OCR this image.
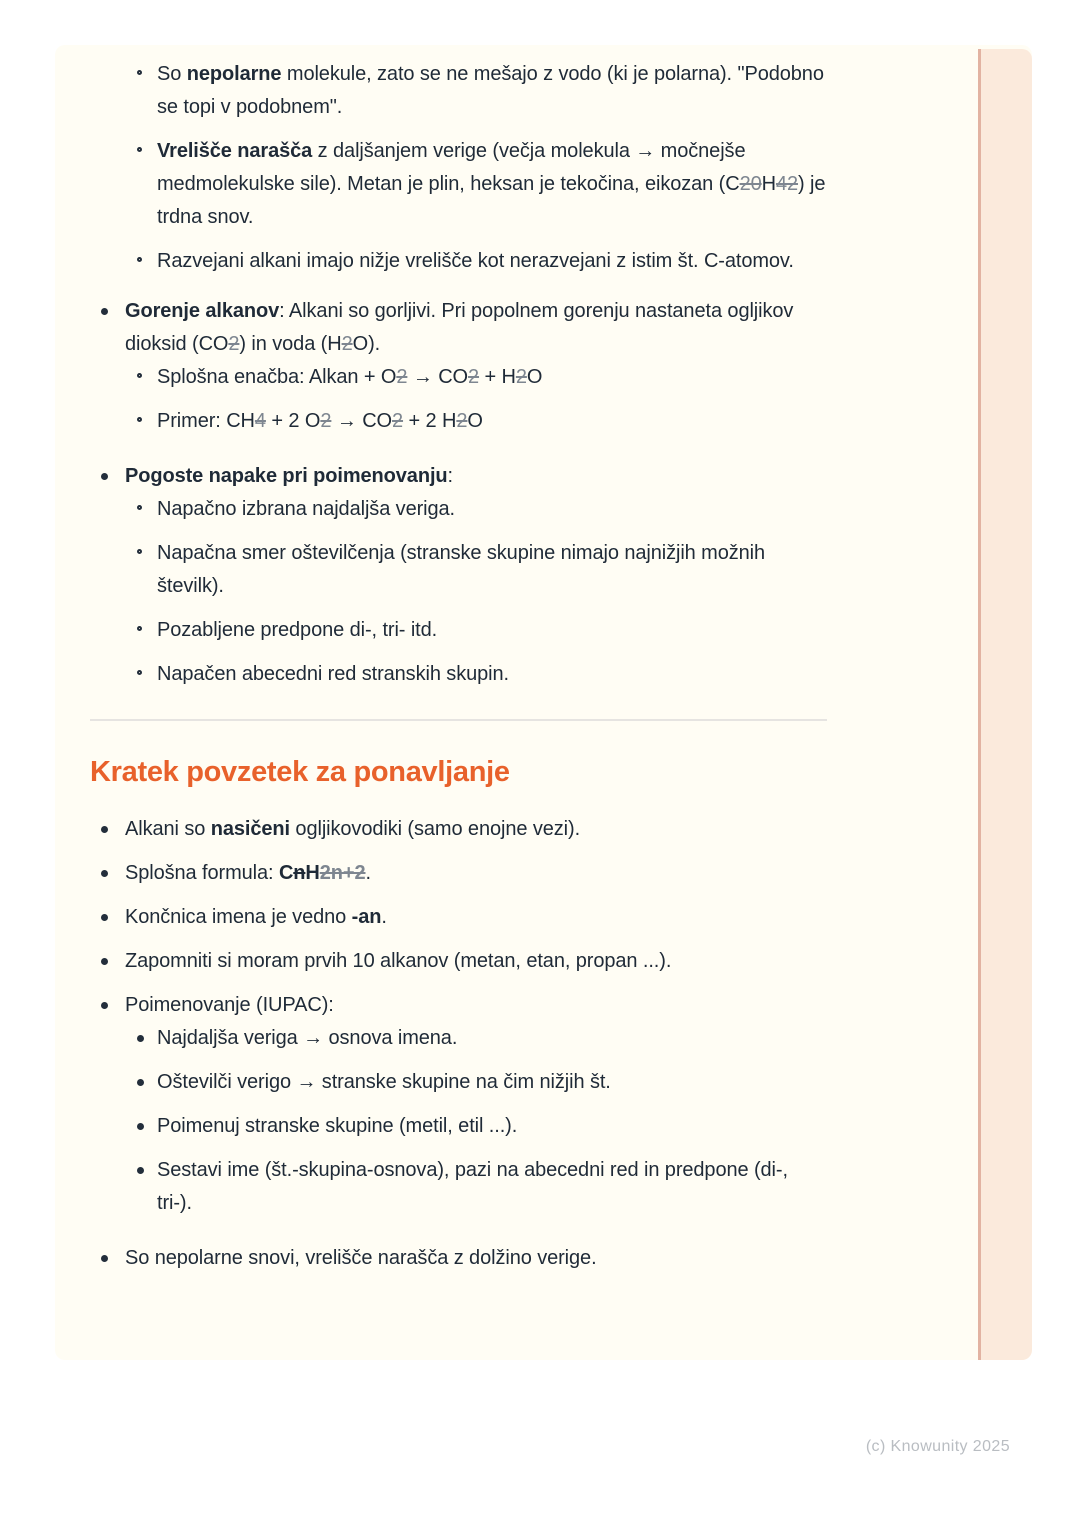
So nepolarne molekule, zato se ne mešajo z vodo (ki je polarna). "Podobno se topi v podobnem".
Vrelišče narašča z daljšanjem verige (večja molekula → močnejše medmolekulske sile). Metan je plin, heksan je tekočina, eikozan (C20H42) je trdna snov.
Razvejani alkani imajo nižje vrelišče kot nerazvejani z istim št. C-atomov.
Gorenje alkanov: Alkani so gorljivi. Pri popolnem gorenju nastaneta ogljikov dioksid (CO2) in voda (H2O).
Splošna enačba: Alkan + O2 → CO2 + H2O
Primer: CH4 + 2 O2 → CO2 + 2 H2O
Pogoste napake pri poimenovanju:
Napačno izbrana najdaljša veriga.
Napačna smer oštevilčenja (stranske skupine nimajo najnižjih možnih številk).
Pozabljene predpone di-, tri- itd.
Napačen abecedni red stranskih skupin.
Kratek povzetek za ponavljanje
Alkani so nasičeni ogljikovodiki (samo enojne vezi).
Splošna formula: CnH2n+2.
Končnica imena je vedno -an.
Zapomniti si moram prvih 10 alkanov (metan, etan, propan ...).
Poimenovanje (IUPAC):
Najdaljša veriga → osnova imena.
Oštevilči verigo → stranske skupine na čim nižjih št.
Poimenuj stranske skupine (metil, etil ...).
Sestavi ime (št.-skupina-osnova), pazi na abecedni red in predpone (di-, tri-).
So nepolarne snovi, vrelišče narašča z dolžino verige.
(c) Knowunity 2025
